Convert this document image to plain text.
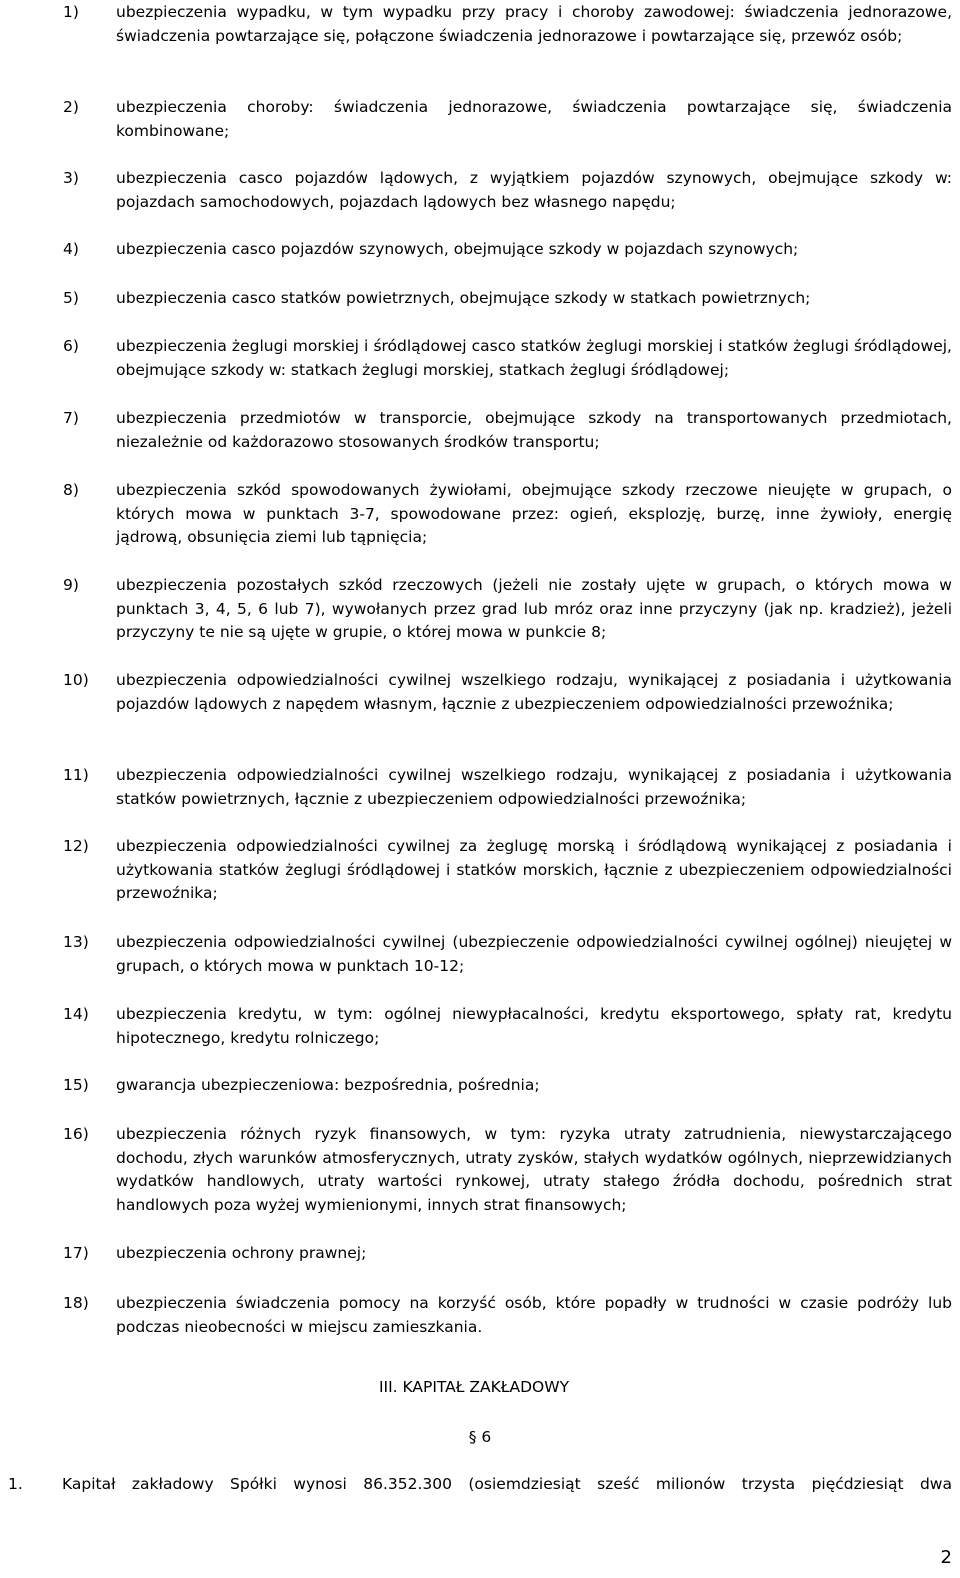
1) ubezpieczenia wypadku, w tym wypadku przy pracy i choroby zawodowej: świadczenia jednorazowe, świadczenia powtarzające się, połączone świadczenia jednorazowe i powtarzające się, przewóz osób;
2) ubezpieczenia choroby: świadczenia jednorazowe, świadczenia powtarzające się, świadczenia kombinowane;
3) ubezpieczenia casco pojazdów lądowych, z wyjątkiem pojazdów szynowych, obejmujące szkody w: pojazdach samochodowych, pojazdach lądowych bez własnego napędu;
4) ubezpieczenia casco pojazdów szynowych, obejmujące szkody w pojazdach szynowych;
5) ubezpieczenia casco statków powietrznych, obejmujące szkody w statkach powietrznych;
6) ubezpieczenia żeglugi morskiej i śródlądowej casco statków żeglugi morskiej i statków żeglugi śródlądowej, obejmujące szkody w: statkach żeglugi morskiej, statkach żeglugi śródlądowej;
7) ubezpieczenia przedmiotów w transporcie, obejmujące szkody na transportowanych przedmiotach, niezależnie od każdorazowo stosowanych środków transportu;
8) ubezpieczenia szkód spowodowanych żywiołami, obejmujące szkody rzeczowe nieujęte w grupach, o których mowa w punktach 3-7, spowodowane przez: ogień, eksplozję, burzę, inne żywioły, energię jądrową, obsunięcia ziemi lub tąpnięcia;
9) ubezpieczenia pozostałych szkód rzeczowych (jeżeli nie zostały ujęte w grupach, o których mowa w punktach 3, 4, 5, 6 lub 7), wywołanych przez grad lub mróz oraz inne przyczyny (jak np. kradzież), jeżeli przyczyny te nie są ujęte w grupie, o której mowa w punkcie 8;
10) ubezpieczenia odpowiedzialności cywilnej wszelkiego rodzaju, wynikającej z posiadania i użytkowania pojazdów lądowych z napędem własnym, łącznie z ubezpieczeniem odpowiedzialności przewoźnika;
11) ubezpieczenia odpowiedzialności cywilnej wszelkiego rodzaju, wynikającej z posiadania i użytkowania statków powietrznych, łącznie z ubezpieczeniem odpowiedzialności przewoźnika;
12) ubezpieczenia odpowiedzialności cywilnej za żeglugę morską i śródlądową wynikającej z posiadania i użytkowania statków żeglugi śródlądowej i statków morskich, łącznie z ubezpieczeniem odpowiedzialności przewoźnika;
13) ubezpieczenia odpowiedzialności cywilnej (ubezpieczenie odpowiedzialności cywilnej ogólnej) nieujętej w grupach, o których mowa w punktach 10-12;
14) ubezpieczenia kredytu, w tym: ogólnej niewypłacalności, kredytu eksportowego, spłaty rat, kredytu hipotecznego, kredytu rolniczego;
15) gwarancja ubezpieczeniowa: bezpośrednia, pośrednia;
16) ubezpieczenia różnych ryzyk finansowych, w tym: ryzyka utraty zatrudnienia, niewystarczającego dochodu, złych warunków atmosferycznych, utraty zysków, stałych wydatków ogólnych, nieprzewidzianych wydatków handlowych, utraty wartości rynkowej, utraty stałego źródła dochodu, pośrednich strat handlowych poza wyżej wymienionymi, innych strat finansowych;
17) ubezpieczenia ochrony prawnej;
18) ubezpieczenia świadczenia pomocy na korzyść osób, które popadły w trudności w czasie podróży lub podczas nieobecności w miejscu zamieszkania.
III. KAPITAŁ ZAKŁADOWY
§ 6
1.	Kapitał zakładowy Spółki wynosi 86.352.300 (osiemdziesiąt sześć milionów trzysta pięćdziesiąt dwa
2
